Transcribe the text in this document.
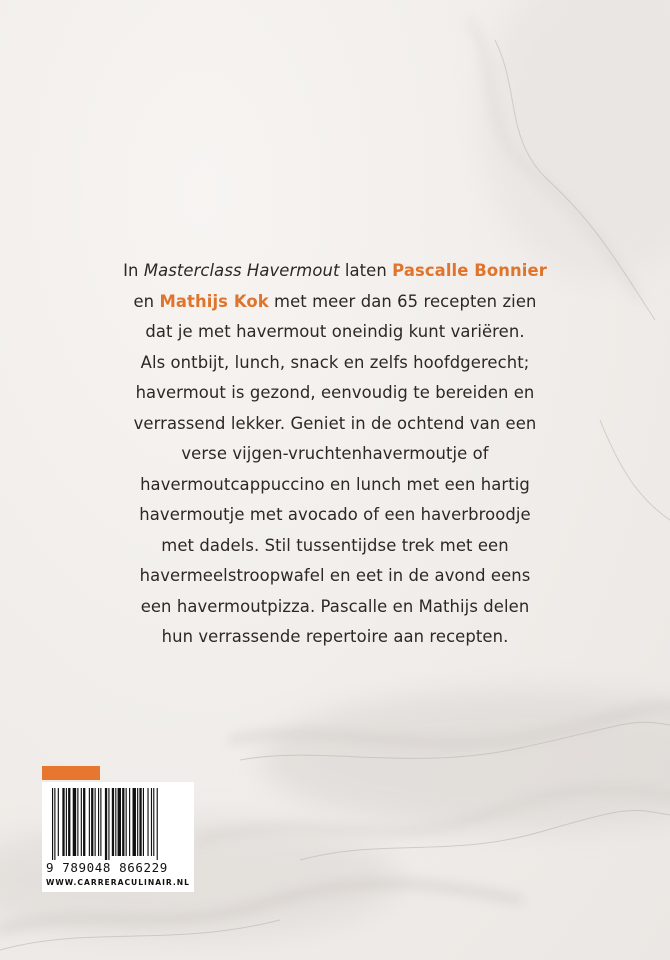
In Masterclass Havermout laten Pascalle Bonnier
en Mathijs Kok met meer dan 65 recepten zien
dat je met havermout oneindig kunt variëren.
Als ontbijt, lunch, snack en zelfs hoofdgerecht;
havermout is gezond, eenvoudig te bereiden en
verrassend lekker. Geniet in de ochtend van een
verse vijgen-vruchtenhavermoutje of
havermoutcappuccino en lunch met een hartig
havermoutje met avocado of een haverbroodje
met dadels. Stil tussentijdse trek met een
havermeelstroopwafel en eet in de avond eens
een havermoutpizza. Pascalle en Mathijs delen
hun verrassende repertoire aan recepten.
9 789048 866229
WWW.CARRERACULINAIR.NL
